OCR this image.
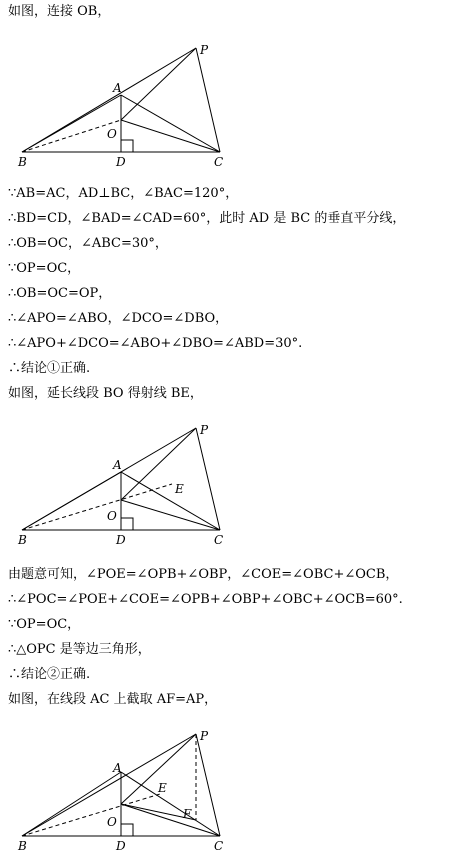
如图，连接 OB，
P
A
O
B	D	C
∵AB=AC，AD⊥BC，∠BAC=120°，
∴BD=CD，∠BAD=∠CAD=60°，此时 AD 是 BC 的垂直平分线，
∴OB=OC，∠ABC=30°，
∵OP=OC，
∴OB=OC=OP，
∴∠APO=∠ABO，∠DCO=∠DBO，
∴∠APO+∠DCO=∠ABO+∠DBO=∠ABD=30°.
∴结论①正确.
如图，延长线段 BO 得射线 BE，
P
A
E
O
B	D	C
由题意可知，∠POE=∠OPB+∠OBP，∠COE=∠OBC+∠OCB，
∴∠POC=∠POE+∠COE=∠OPB+∠OBP+∠OBC+∠OCB=60°.
∵OP=OC，
∴△OPC 是等边三角形，
∴结论②正确.
如图，在线段 AC 上截取 AF=AP，
P
A
E
F
O
B	D	C
